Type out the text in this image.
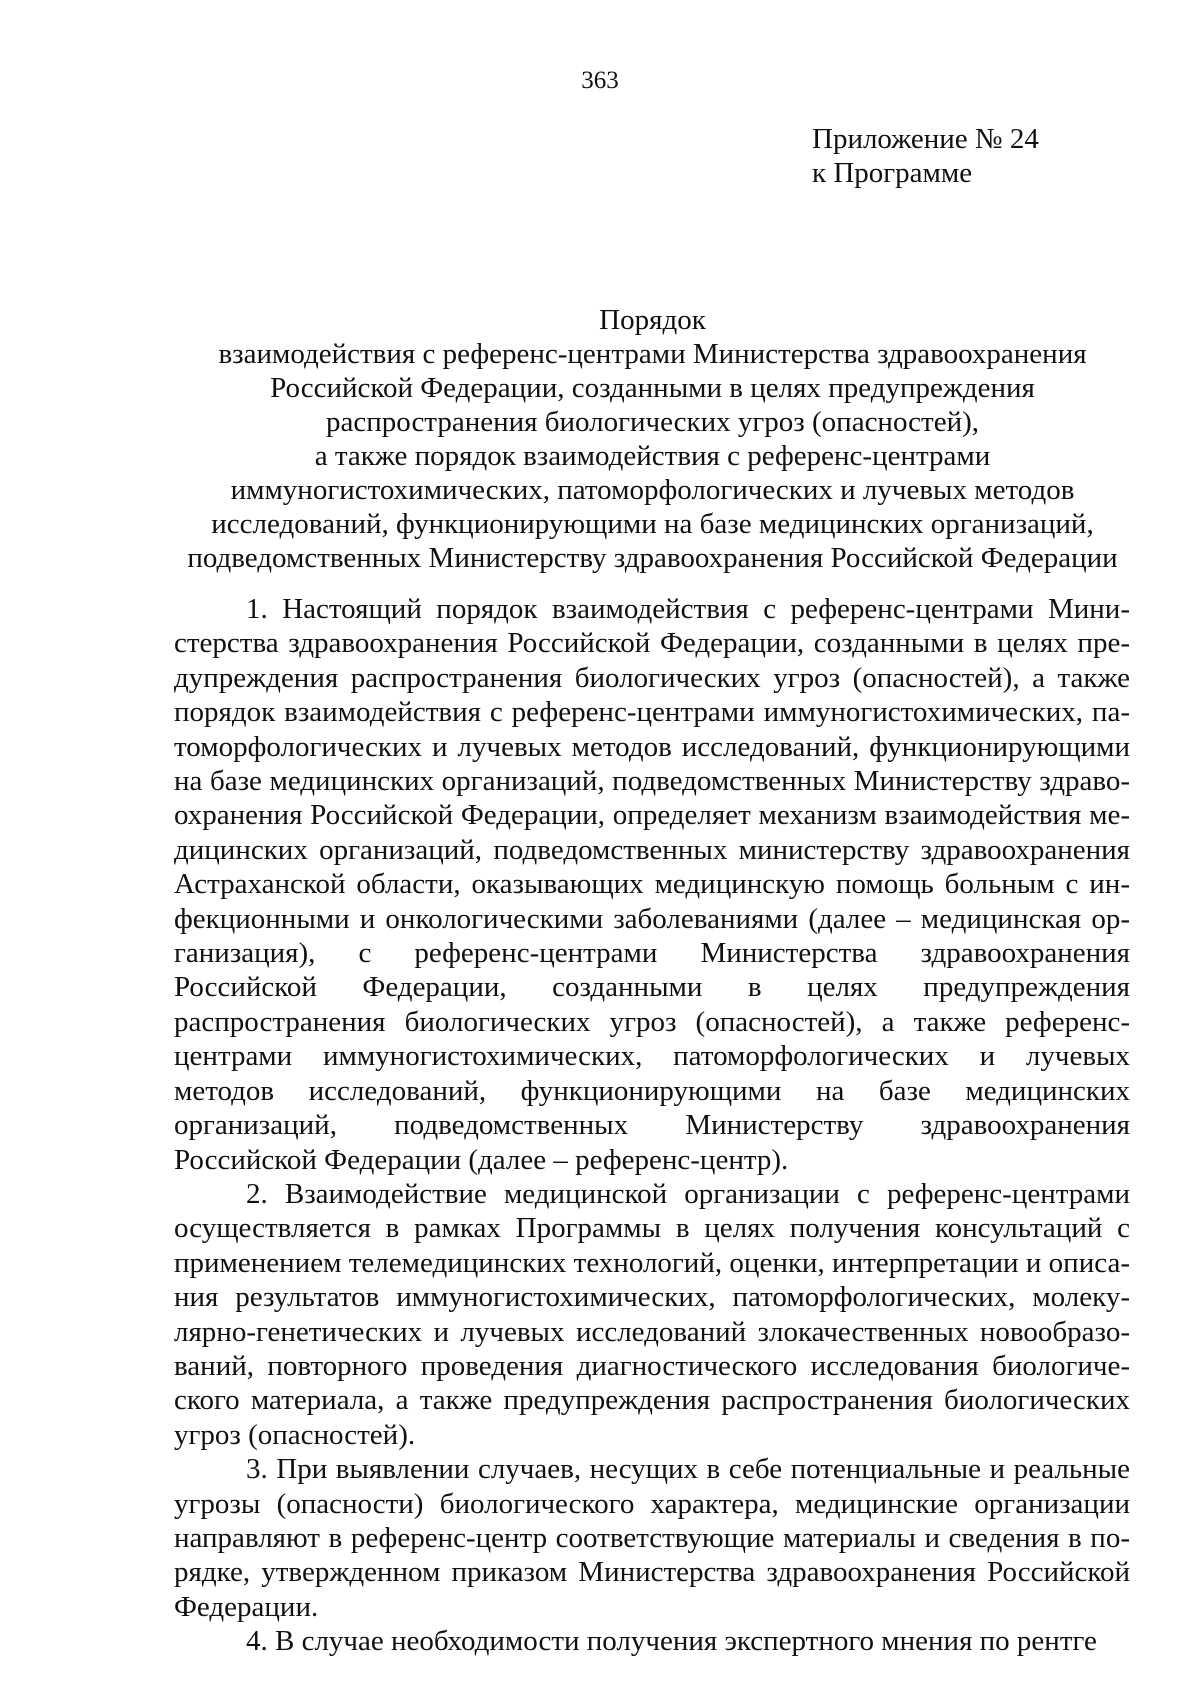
363
Приложение № 24
к Программе
Порядок
взаимодействия с референс-центрами Министерства здравоохранения
Российской Федерации, созданными в целях предупреждения
распространения биологических угроз (опасностей),
а также порядок взаимодействия с референс-центрами
иммуногистохимических, патоморфологических и лучевых методов
исследований, функционирующими на базе медицинских организаций,
подведомственных Министерству здравоохранения Российской Федерации

1. Настоящий порядок взаимодействия с референс-центрами Министерства здравоохранения Российской Федерации, созданными в целях предупреждения распространения биологических угроз (опасностей), а также порядок взаимодействия с референс-центрами иммуногистохимических, патоморфологических и лучевых методов исследований, функционирующими на базе медицинских организаций, подведомственных Министерству здравоохранения Российской Федерации, определяет механизм взаимодействия медицинских организаций, подведомственных министерству здравоохранения Астраханской области, оказывающих медицинскую помощь больным с инфекционными и онкологическими заболеваниями (далее – медицинская организация), с референс-центрами Министерства здравоохранения Российской Федерации, созданными в целях предупреждения распространения биологических угроз (опасностей), а также референс-центрами иммуногистохимических, патоморфологических и лучевых методов исследований, функционирующими на базе медицинских организаций, подведомственных Министерству здравоохранения Российской Федерации (далее – референс-центр).

2. Взаимодействие медицинской организации с референс-центрами осуществляется в рамках Программы в целях получения консультаций с применением телемедицинских технологий, оценки, интерпретации и описания результатов иммуногистохимических, патоморфологических, молекулярно-генетических и лучевых исследований злокачественных новообразований, повторного проведения диагностического исследования биологического материала, а также предупреждения распространения биологических угроз (опасностей).

3. При выявлении случаев, несущих в себе потенциальные и реальные угрозы (опасности) биологического характера, медицинские организации направляют в референс-центр соответствующие материалы и сведения в порядке, утвержденном приказом Министерства здравоохранения Российской Федерации.

4. В случае необходимости получения экспертного мнения по рентге
